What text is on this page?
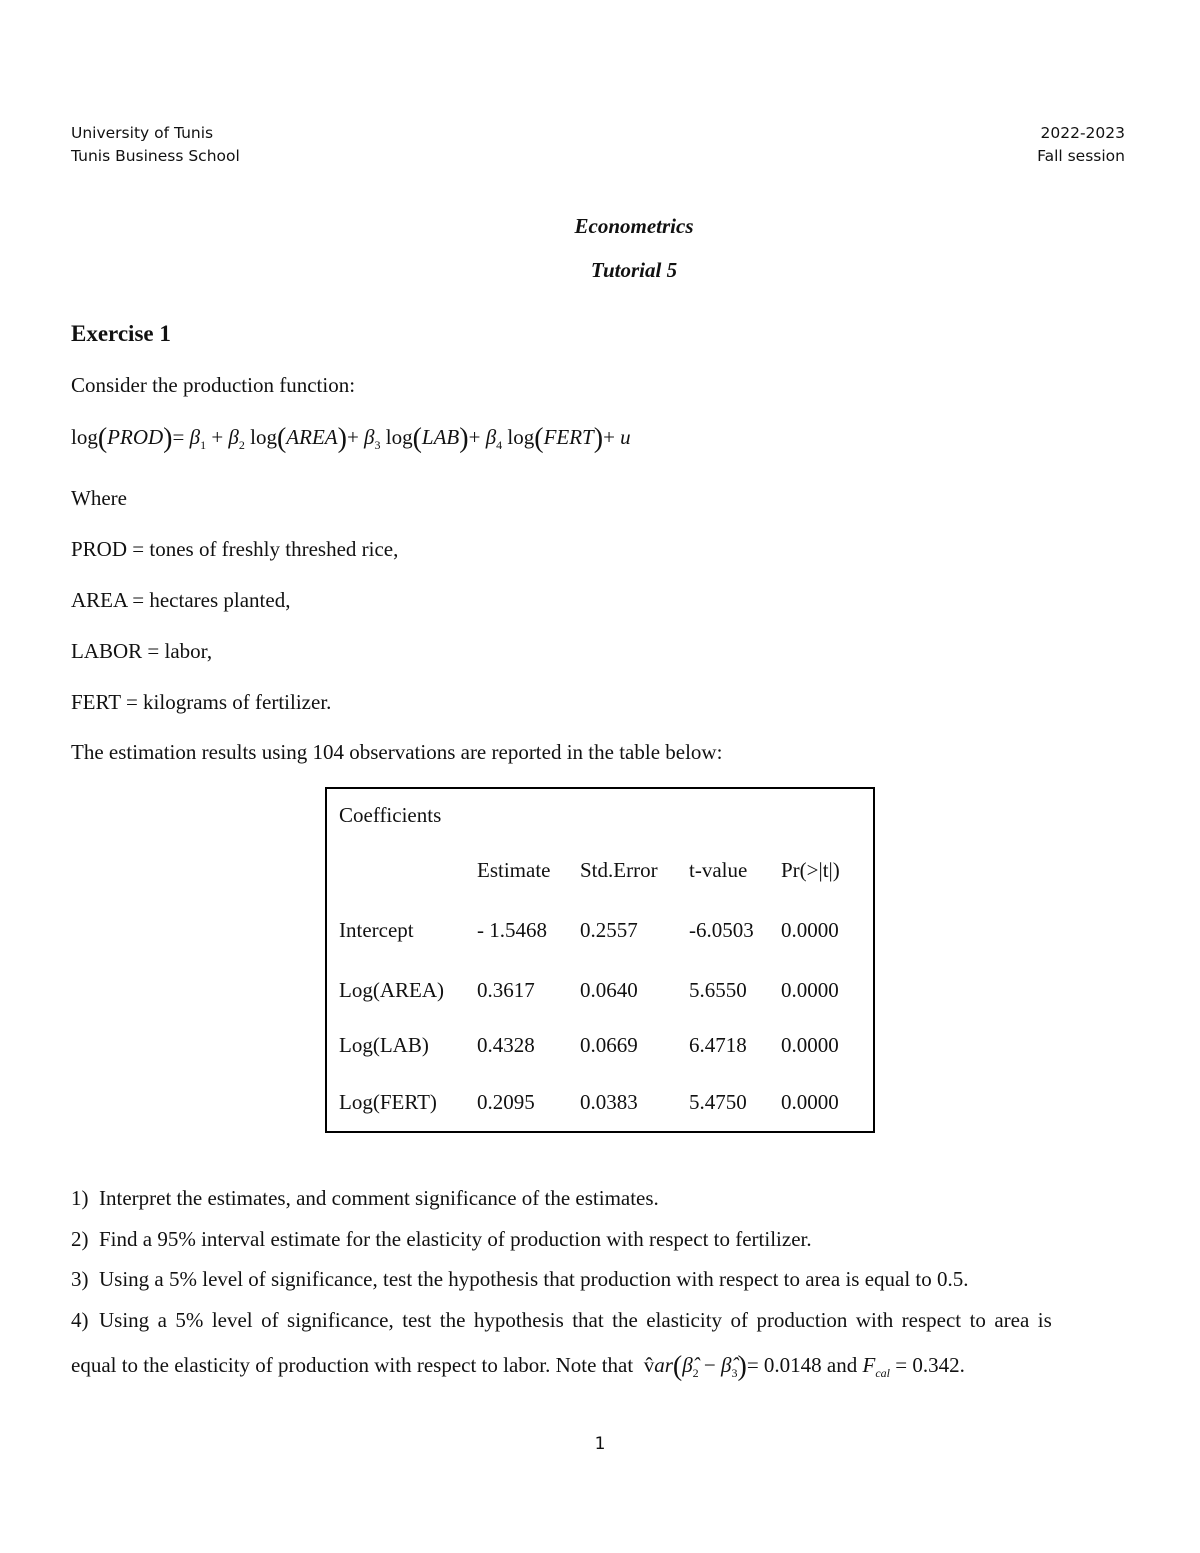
University of Tunis
Tunis Business School
2022-2023
Fall session
Econometrics
Tutorial 5
Exercise 1
Consider the production function:
log(PROD)= $\beta_1 + \beta_2$ log(AREA)+ $\beta_3$ $\log(LAB)+ \beta_4$ log(FERT)+ u
Where
PROD = tones of freshly threshed rice,
AREA = hectares planted,
LABOR = labor,
FERT = kilograms of fertilizer.
The estimation results using 104 observations are reported in the table below:
Coefficients				
	Estimate	Std.Error	t-value	Pr(>|t|)
Intercept	- 1.5468	0.2557	-6.0503	0.0000
Log(AREA)	0.3617	0.0640	5.6550	0.0000
Log(LAB)	0.4328	0.0669	6.4718	0.0000
Log(FERT)	0.2095	0.0383	5.4750	0.0000
1) Interpret the estimates, and comment significance of the estimates.
2) Find a 95% interval estimate for the elasticity of production with respect to fertilizer.
3) Using a 5% level of significance, test the hypothesis that production with respect to area is equal to 0.5.
4) Using a 5% level of significance, test the hypothesis that the elasticity of production with respect to area is
equal to the elasticity of production with respect to labor. Note that  $v̂ar(\betâ_2$ − $\betâ_3)= 0.0148$ and $F_{cal} = 0.342$.
1
